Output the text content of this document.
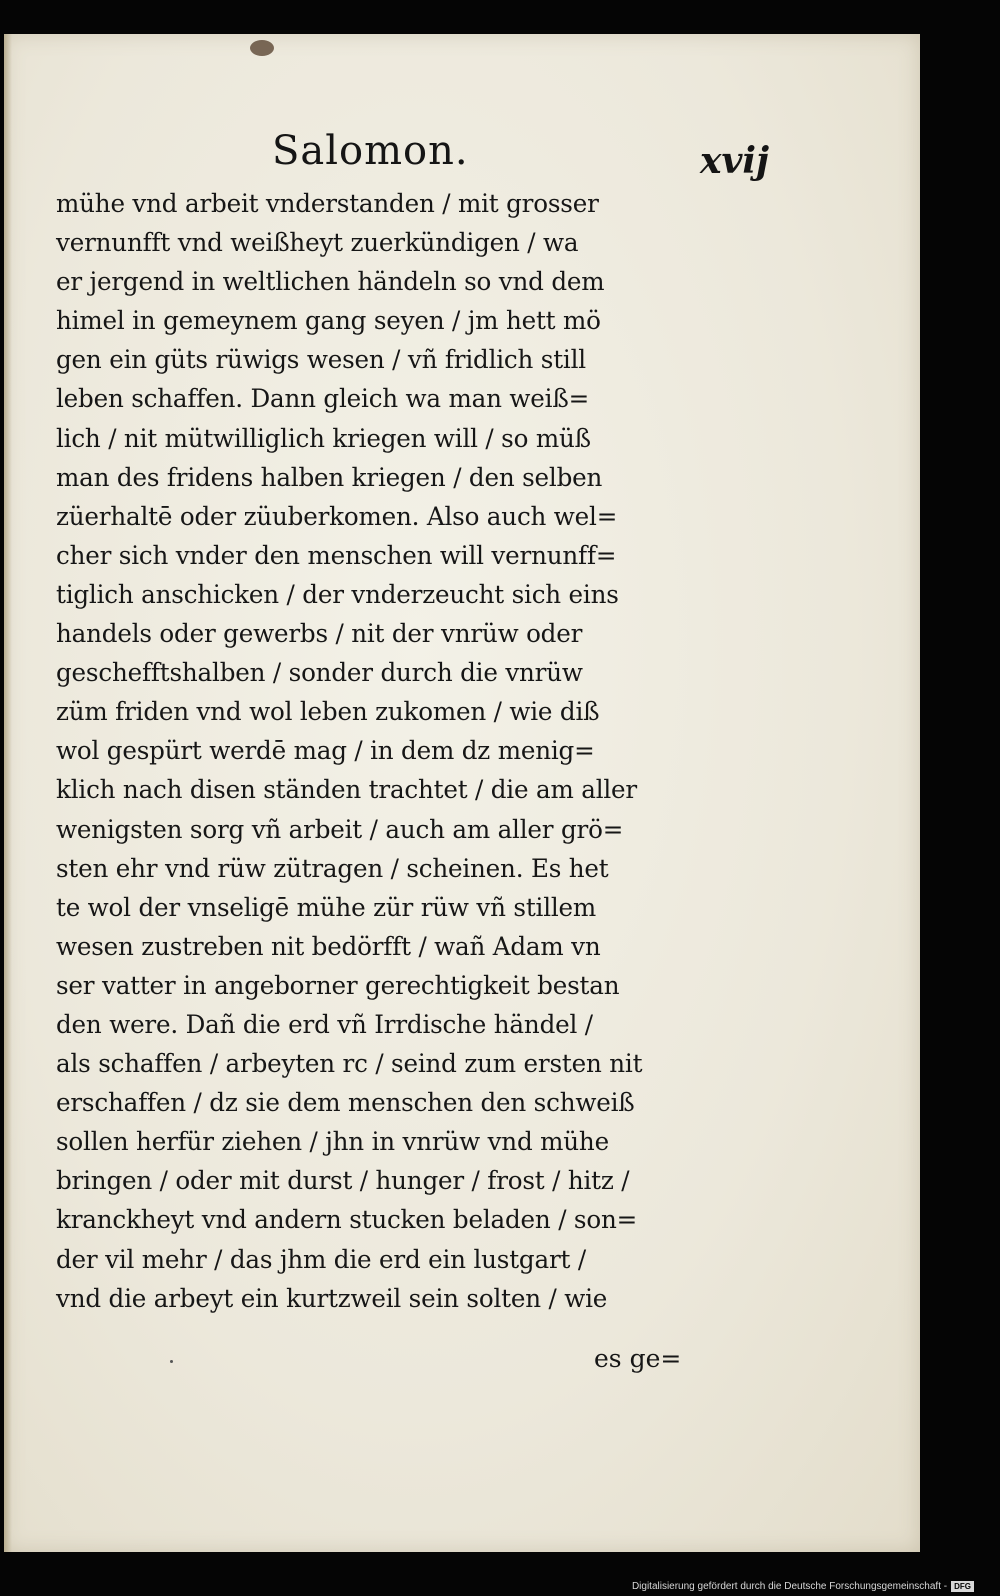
Salomon.	xvij
mühe vnd arbeit vnderstanden / mit grosser
vernunfft vnd weißheyt zuerkündigen / wa
er jergend in weltlichen händeln so vnd dem
himel in gemeynem gang seyen / jm hett mö
gen ein güts rüwigs wesen / vñ fridlich still
leben schaffen. Dann gleich wa man weiß=
lich / nit mütwilliglich kriegen will / so müß
man des fridens halben kriegen / den selben
züerhaltē oder züuberkomen. Also auch wel=
cher sich vnder den menschen will vernunff=
tiglich anschicken / der vnderzeucht sich eins
handels oder gewerbs / nit der vnrüw oder
geschefftshalben / sonder durch die vnrüw
züm friden vnd wol leben zukomen / wie diß
wol gespürt werdē mag / in dem dz menig=
klich nach disen ständen trachtet / die am aller
wenigsten sorg vñ arbeit / auch am aller grö=
sten ehr vnd rüw zütragen / scheinen. Es het
te wol der vnseligē mühe zür rüw vñ stillem
wesen zustreben nit bedörfft / wañ Adam vn
ser vatter in angeborner gerechtigkeit bestan
den were. Dañ die erd vñ Irrdische händel /
als schaffen / arbeyten rc / seind zum ersten nit
erschaffen / dz sie dem menschen den schweiß
sollen herfür ziehen / jhn in vnrüw vnd mühe
bringen / oder mit durst / hunger / frost / hitz /
kranckheyt vnd andern stucken beladen / son=
der vil mehr / das jhm die erd ein lustgart /
vnd die arbeyt ein kurtzweil sein solten / wie
es ge=
Digitalisierung gefördert durch die Deutsche Forschungsgemeinschaft - DFG
